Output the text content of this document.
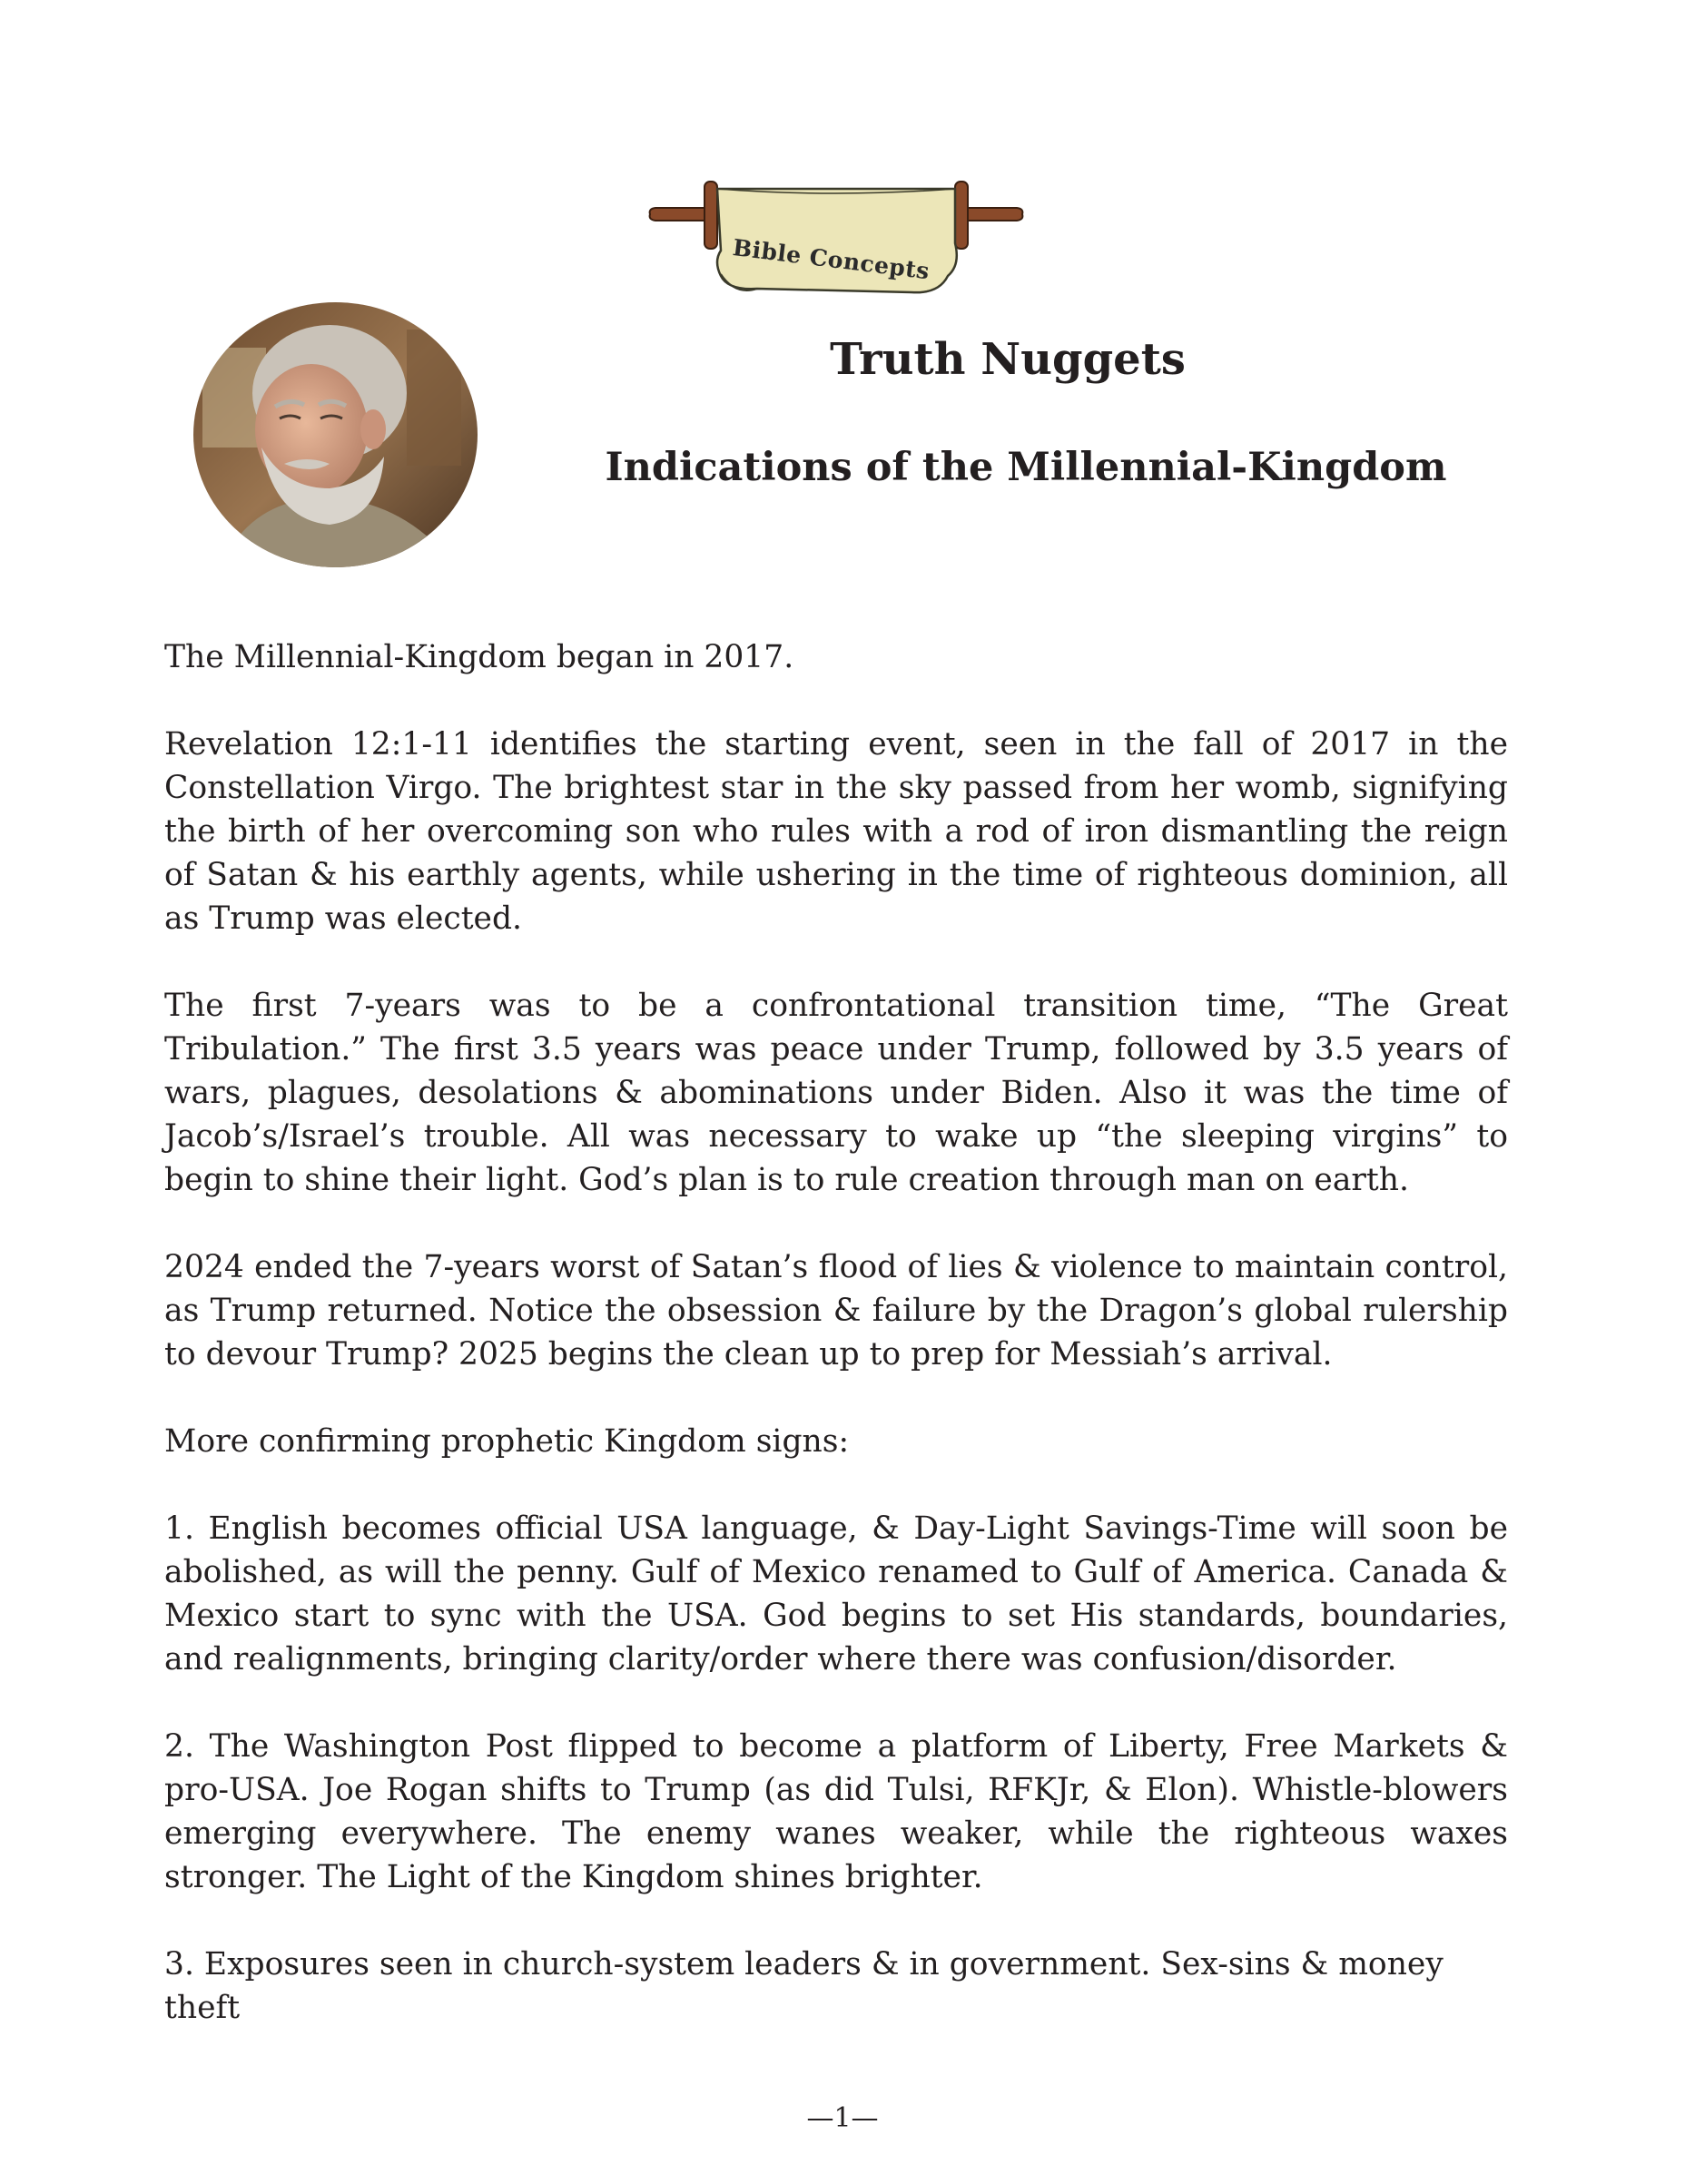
Bible Concepts
Truth Nuggets
Indications of the Millennial-Kingdom

The Millennial-Kingdom began in 2017.

Revelation 12:1-11 identifies the starting event, seen in the fall of 2017 in the Constellation Virgo. The brightest star in the sky passed from her womb, signifying the birth of her overcoming son who rules with a rod of iron dismantling the reign of Satan & his earthly agents, while ushering in the time of righteous dominion, all as Trump was elected.

The first 7-years was to be a confrontational transition time, “The Great Tribulation.” The first 3.5 years was peace under Trump, followed by 3.5 years of wars, plagues, desolations & abominations under Biden. Also it was the time of Jacob’s/Israel’s trouble. All was necessary to wake up “the sleeping virgins” to begin to shine their light. God’s plan is to rule creation through man on earth.

2024 ended the 7-years worst of Satan’s flood of lies & violence to maintain control, as Trump returned. Notice the obsession & failure by the Dragon’s global rulership to devour Trump? 2025 begins the clean up to prep for Messiah’s arrival.

More confirming prophetic Kingdom signs:

1. English becomes official USA language, & Day-Light Savings-Time will soon be abolished, as will the penny. Gulf of Mexico renamed to Gulf of America. Canada & Mexico start to sync with the USA. God begins to set His standards, boundaries, and realignments, bringing clarity/order where there was confusion/disorder.

2. The Washington Post flipped to become a platform of Liberty, Free Markets & pro-USA. Joe Rogan shifts to Trump (as did Tulsi, RFKJr, & Elon). Whistle-blowers emerging everywhere. The enemy wanes weaker, while the righteous waxes stronger. The Light of the Kingdom shines brighter.

3. Exposures seen in church-system leaders & in government. Sex-sins & money theft

—1—
